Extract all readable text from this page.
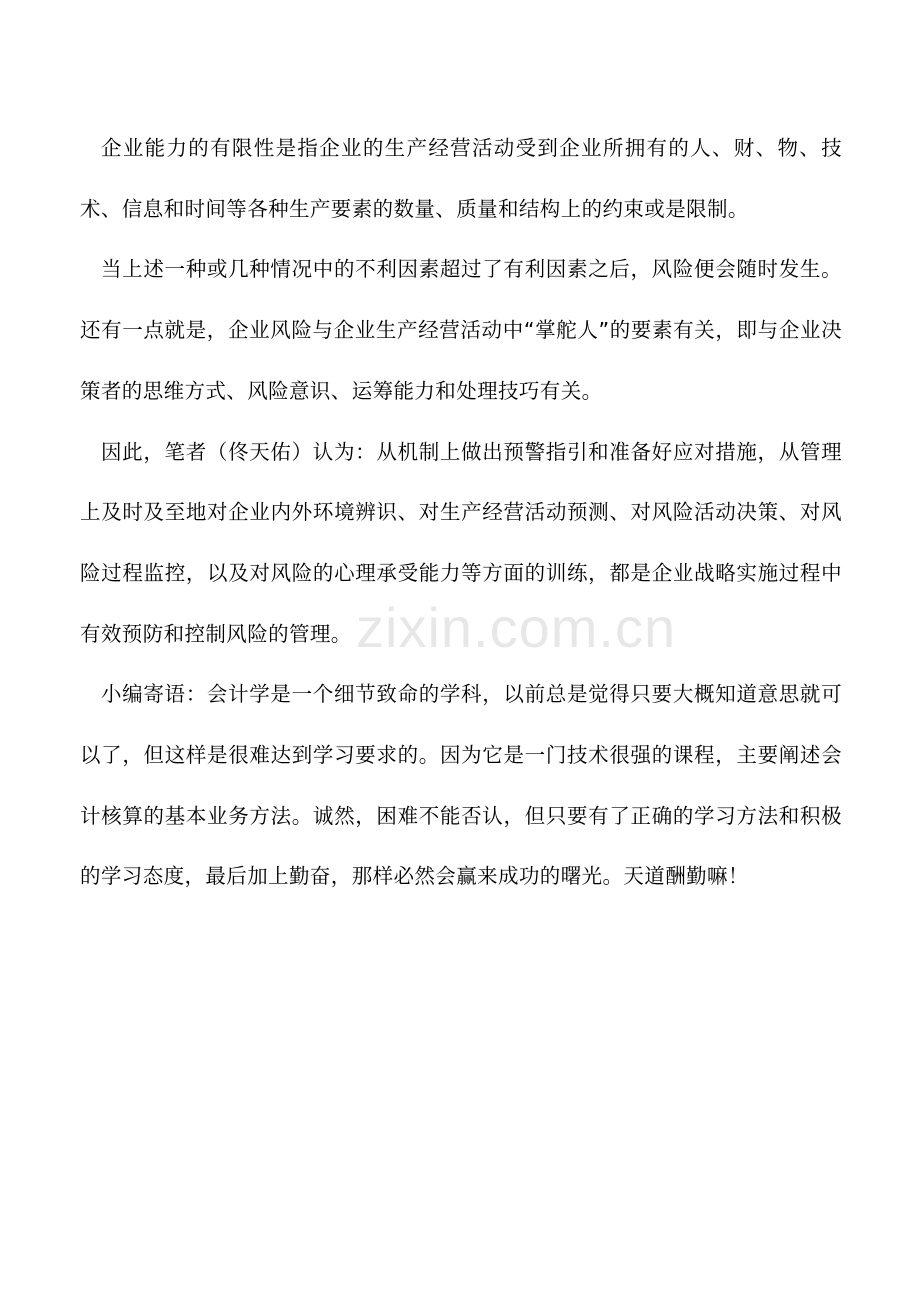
企业能力的有限性是指企业的生产经营活动受到企业所拥有的人、财、物、技术、信息和时间等各种生产要素的数量、质量和结构上的约束或是限制。

当上述一种或几种情况中的不利因素超过了有利因素之后，风险便会随时发生。还有一点就是，企业风险与企业生产经营活动中“掌舵人”的要素有关，即与企业决策者的思维方式、风险意识、运筹能力和处理技巧有关。

因此，笔者（佟天佑）认为：从机制上做出预警指引和准备好应对措施，从管理上及时及至地对企业内外环境辨识、对生产经营活动预测、对风险活动决策、对风险过程监控，以及对风险的心理承受能力等方面的训练，都是企业战略实施过程中有效预防和控制风险的管理。

小编寄语：会计学是一个细节致命的学科，以前总是觉得只要大概知道意思就可以了，但这样是很难达到学习要求的。因为它是一门技术很强的课程，主要阐述会计核算的基本业务方法。诚然，困难不能否认，但只要有了正确的学习方法和积极的学习态度，最后加上勤奋，那样必然会赢来成功的曙光。天道酬勤嘛！

zixin.com.cn
